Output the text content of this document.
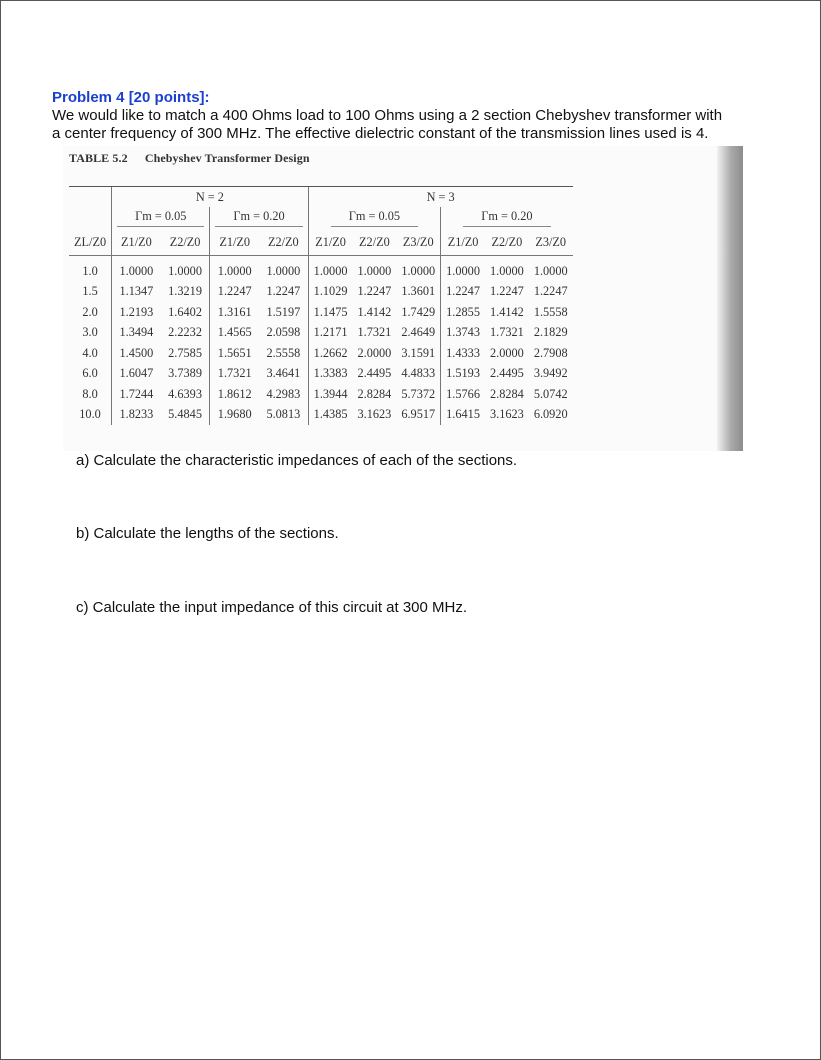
Problem 4 [20 points]:
We would like to match a 400 Ohms load to 100 Ohms using a 2 section Chebyshev transformer with
a center frequency of 300 MHz. The effective dielectric constant of the transmission lines used is 4.
TABLE 5.2 Chebyshev Transformer Design
	N = 2				N = 3					
	Γm = 0.05		Γm = 0.20		Γm = 0.05			Γm = 0.20		
ZL/Z0	Z1/Z0	Z2/Z0	Z1/Z0	Z2/Z0	Z1/Z0	Z2/Z0	Z3/Z0	Z1/Z0	Z2/Z0	Z3/Z0
1.0	1.0000	1.0000	1.0000	1.0000	1.0000	1.0000	1.0000	1.0000	1.0000	1.0000
1.5	1.1347	1.3219	1.2247	1.2247	1.1029	1.2247	1.3601	1.2247	1.2247	1.2247
2.0	1.2193	1.6402	1.3161	1.5197	1.1475	1.4142	1.7429	1.2855	1.4142	1.5558
3.0	1.3494	2.2232	1.4565	2.0598	1.2171	1.7321	2.4649	1.3743	1.7321	2.1829
4.0	1.4500	2.7585	1.5651	2.5558	1.2662	2.0000	3.1591	1.4333	2.0000	2.7908
6.0	1.6047	3.7389	1.7321	3.4641	1.3383	2.4495	4.4833	1.5193	2.4495	3.9492
8.0	1.7244	4.6393	1.8612	4.2983	1.3944	2.8284	5.7372	1.5766	2.8284	5.0742
10.0	1.8233	5.4845	1.9680	5.0813	1.4385	3.1623	6.9517	1.6415	3.1623	6.0920
a) Calculate the characteristic impedances of each of the sections.
b) Calculate the lengths of the sections.
c) Calculate the input impedance of this circuit at 300 MHz.
